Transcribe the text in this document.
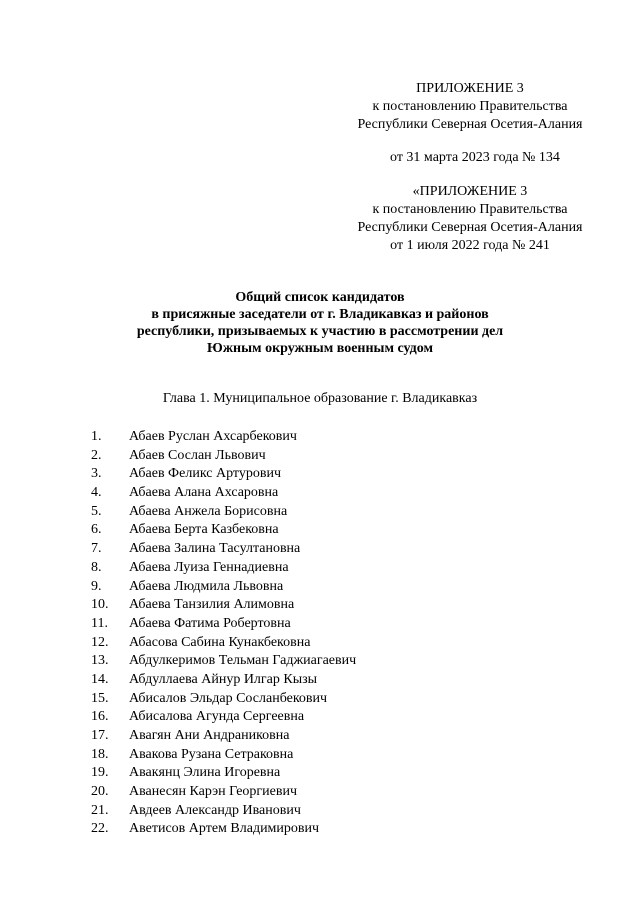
ПРИЛОЖЕНИЕ 3
к постановлению Правительства
Республики Северная Осетия-Алания
от 31 марта 2023 года № 134
«ПРИЛОЖЕНИЕ 3
к постановлению Правительства
Республики Северная Осетия-Алания
от 1 июля 2022 года № 241
Общий список кандидатов
в присяжные заседатели от г. Владикавказ и районов
республики, призываемых к участию в рассмотрении дел
Южным окружным военным судом
Глава 1. Муниципальное образование г. Владикавказ
1.	Абаев Руслан Ахсарбекович
2.	Абаев Сослан Львович
3.	Абаев Феликс Артурович
4.	Абаева Алана Ахсаровна
5.	Абаева Анжела Борисовна
6.	Абаева Берта Казбековна
7.	Абаева Залина Тасултановна
8.	Абаева Луиза Геннадиевна
9.	Абаева Людмила Львовна
10.	Абаева Танзилия Алимовна
11.	Абаева Фатима Робертовна
12.	Абасова Сабина Кунакбековна
13.	Абдулкеримов Тельман Гаджиагаевич
14.	Абдуллаева Айнур Илгар Кызы
15.	Абисалов Эльдар Сосланбекович
16.	Абисалова Агунда Сергеевна
17.	Авагян Ани Андраниковна
18.	Авакова Рузана Сетраковна
19.	Авакянц Элина Игоревна
20.	Аванесян Карэн Георгиевич
21.	Авдеев Александр Иванович
22.	Аветисов Артем Владимирович
